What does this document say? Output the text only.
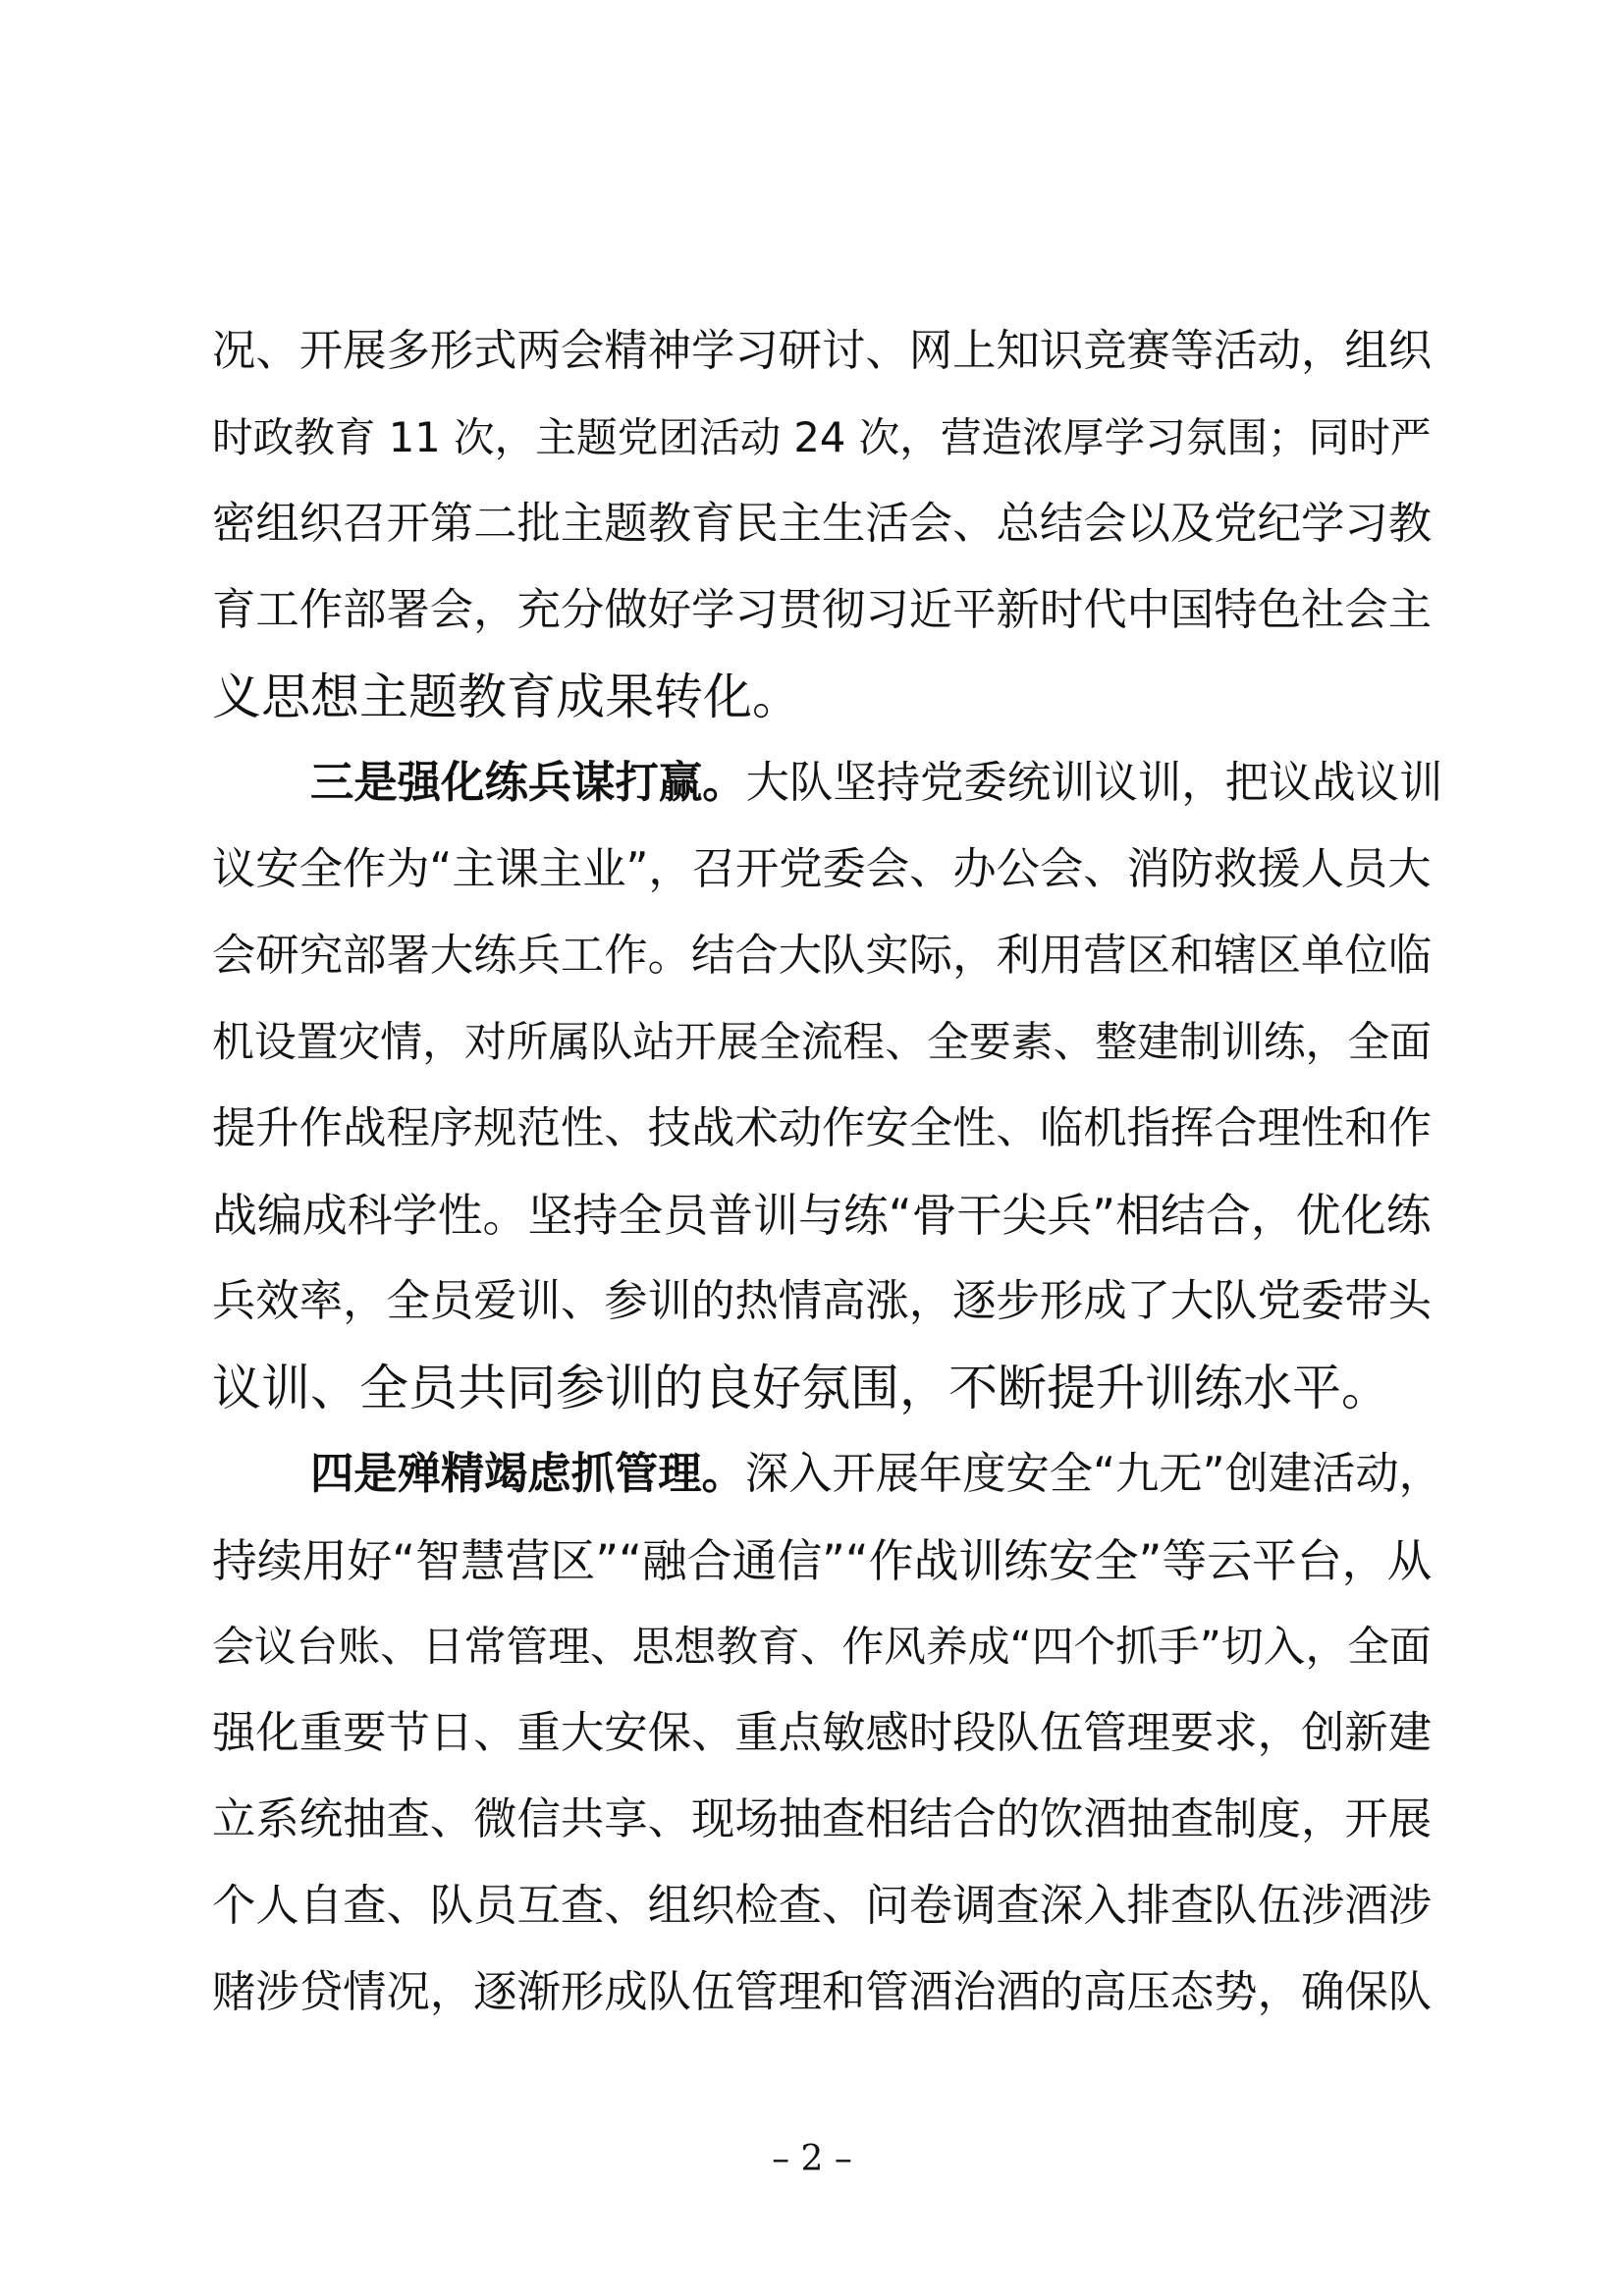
况、开展多形式两会精神学习研讨、网上知识竞赛等活动，组织
时政教育 11 次，主题党团活动 24 次，营造浓厚学习氛围；同时严
密组织召开第二批主题教育民主生活会、总结会以及党纪学习教
育工作部署会，充分做好学习贯彻习近平新时代中国特色社会主
义思想主题教育成果转化。
三是强化练兵谋打赢。大队坚持党委统训议训，把议战议训
议安全作为“主课主业”，召开党委会、办公会、消防救援人员大
会研究部署大练兵工作。结合大队实际，利用营区和辖区单位临
机设置灾情，对所属队站开展全流程、全要素、整建制训练，全面
提升作战程序规范性、技战术动作安全性、临机指挥合理性和作
战编成科学性。坚持全员普训与练“骨干尖兵”相结合，优化练
兵效率，全员爱训、参训的热情高涨，逐步形成了大队党委带头
议训、全员共同参训的良好氛围，不断提升训练水平。
四是殚精竭虑抓管理。深入开展年度安全“九无”创建活动，
持续用好“智慧营区”“融合通信”“作战训练安全”等云平台，从
会议台账、日常管理、思想教育、作风养成“四个抓手”切入，全面
强化重要节日、重大安保、重点敏感时段队伍管理要求，创新建
立系统抽查、微信共享、现场抽查相结合的饮酒抽查制度，开展
个人自查、队员互查、组织检查、问卷调查深入排查队伍涉酒涉
赌涉贷情况，逐渐形成队伍管理和管酒治酒的高压态势，确保队
– 2 –
